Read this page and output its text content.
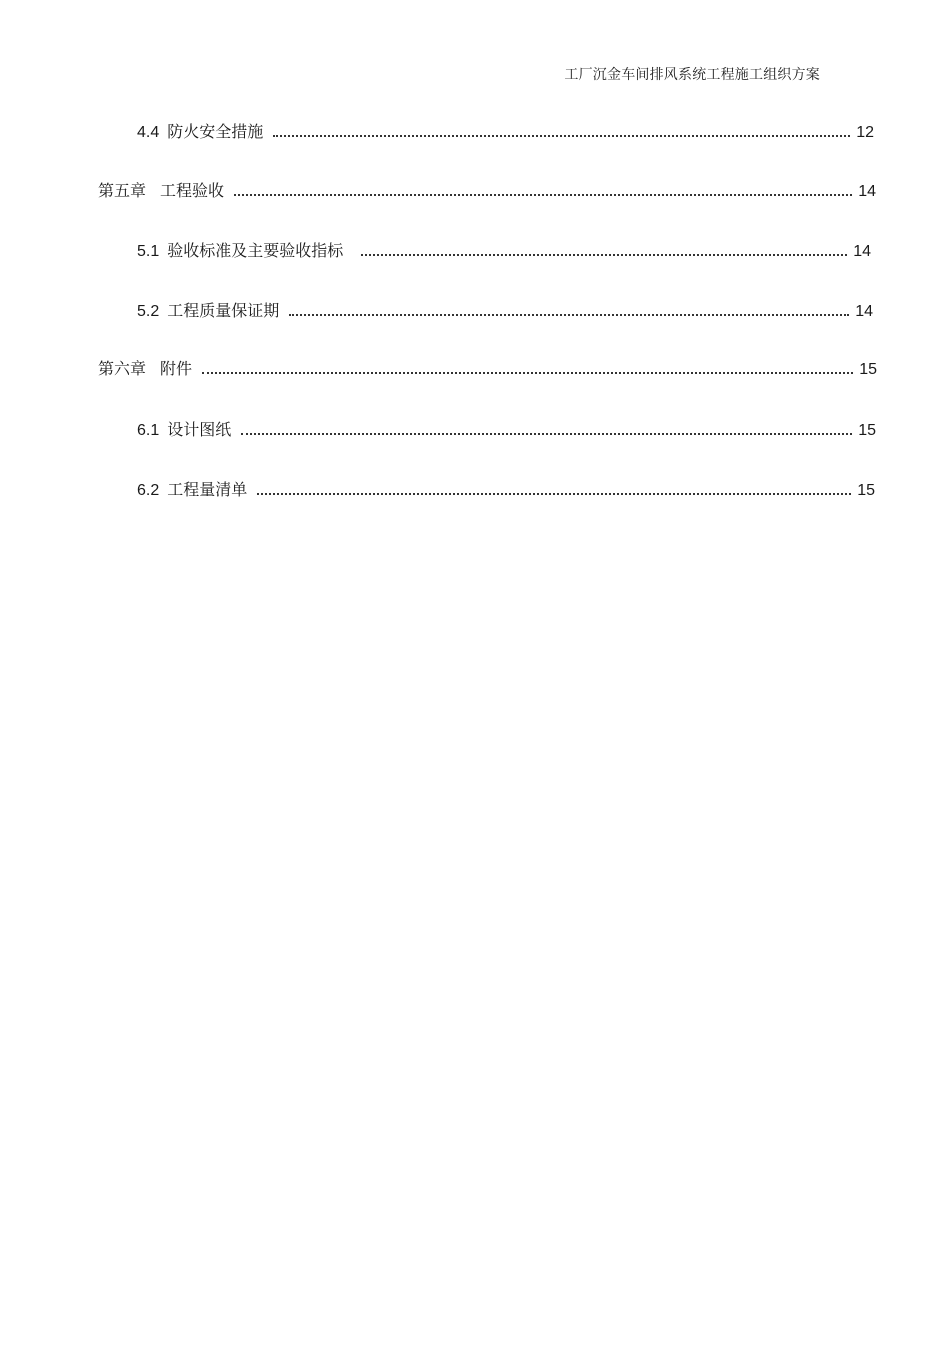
工厂沉金车间排风系统工程施工组织方案
4.4 防火安全措施	12
第五章 工程验收	14
5.1 验收标准及主要验收指标	14
5.2 工程质量保证期	14
第六章 附件	15
6.1 设计图纸	15
6.2 工程量清单	15
